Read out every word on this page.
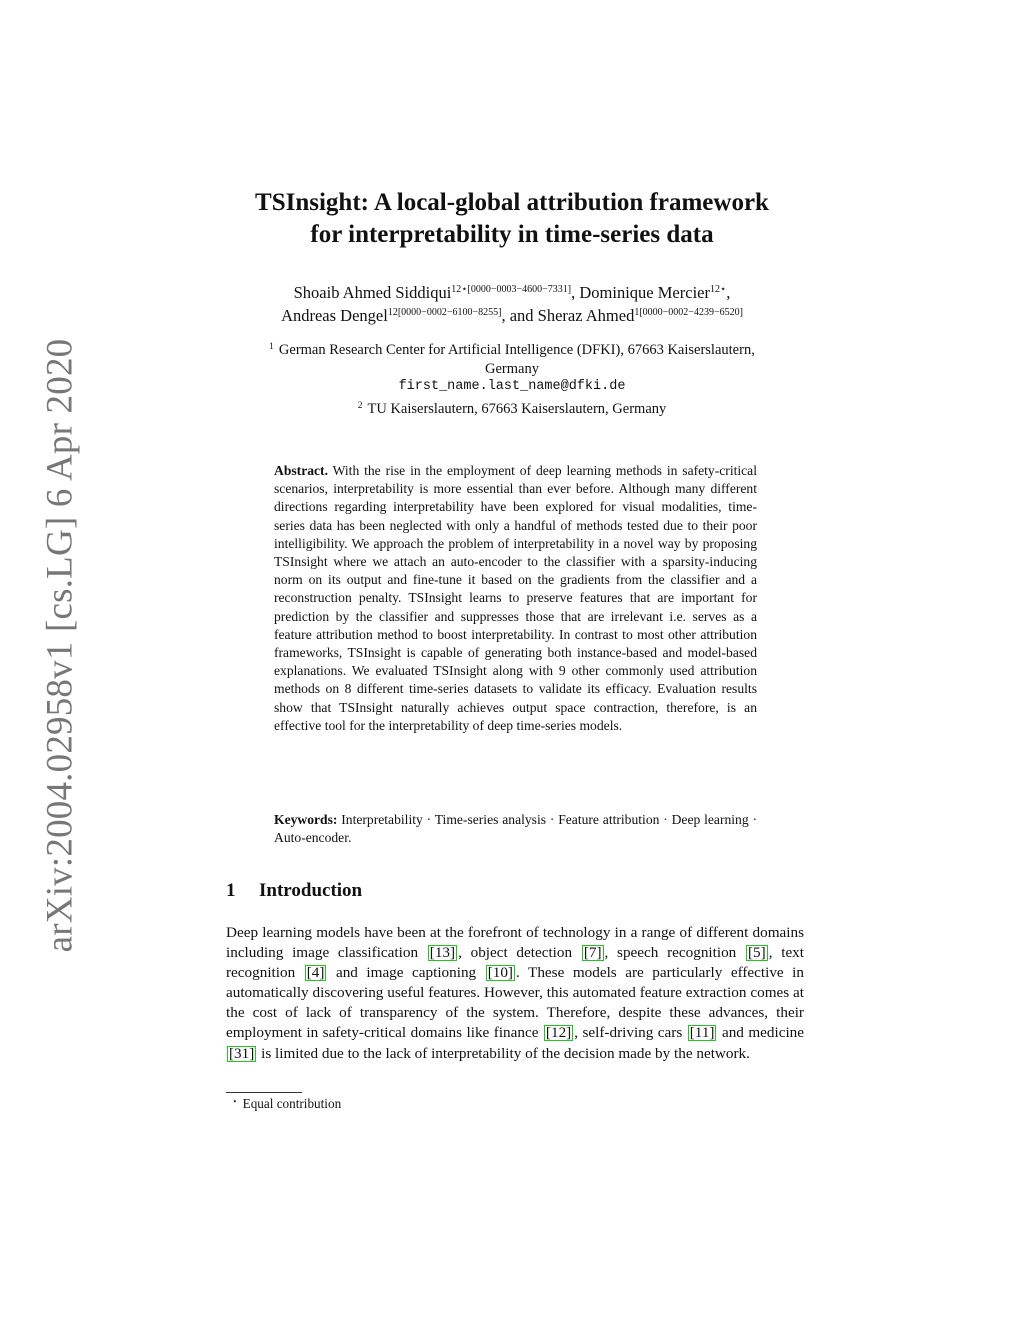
arXiv:2004.02958v1 [cs.LG] 6 Apr 2020
TSInsight: A local-global attribution framework
for interpretability in time-series data
Shoaib Ahmed Siddiqui$^{12⋆[0000-0003-4600-7331]}$, Dominique Mercier$^{12⋆}$,
Andreas Dengel$^{12[0000-0002-6100-8255]}$, and Sheraz Ahmed$^{1[0000-0002-4239-6520]}$
$^1$ German Research Center for Artificial Intelligence (DFKI), 67663 Kaiserslautern,
Germany
first_name.last_name@dfki.de
$^2$ TU Kaiserslautern, 67663 Kaiserslautern, Germany
Abstract. With the rise in the employment of deep learning methods in safety-critical scenarios, interpretability is more essential than ever before. Although many different directions regarding interpretability have been explored for visual modalities, time-series data has been neglected with only a handful of methods tested due to their poor intelligibility. We approach the problem of interpretability in a novel way by proposing TSInsight where we attach an auto-encoder to the classifier with a sparsity-inducing norm on its output and fine-tune it based on the gradients from the classifier and a reconstruction penalty. TSInsight learns to preserve features that are important for prediction by the classifier and suppresses those that are irrelevant i.e. serves as a feature attribution method to boost interpretability. In contrast to most other attribution frameworks, TSInsight is capable of generating both instance-based and model-based explanations. We evaluated TSInsight along with 9 other commonly used attribution methods on 8 different time-series datasets to validate its efficacy. Evaluation results show that TSInsight naturally achieves output space contraction, therefore, is an effective tool for the interpretability of deep time-series models.
Keywords: Interpretability · Time-series analysis · Feature attribution · Deep learning · Auto-encoder.
1 Introduction
Deep learning models have been at the forefront of technology in a range of different domains including image classification [13] , object detection [7] , speech recognition [5] , text recognition [4] and image captioning [10] . These models are particularly effective in automatically discovering useful features. However, this automated feature extraction comes at the cost of lack of transparency of the system. Therefore, despite these advances, their employment in safety-critical domains like finance [12] , self-driving cars [11] and medicine [31] is limited due to the lack of interpretability of the decision made by the network.
⋆ Equal contribution
